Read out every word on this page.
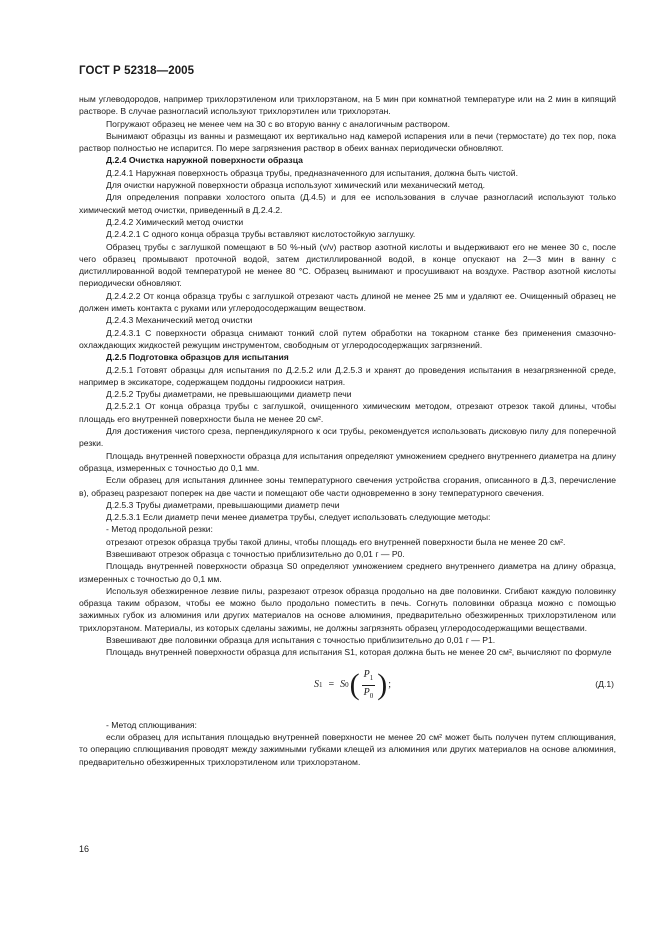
ГОСТ Р 52318—2005

ным углеводородов, например трихлорэтиленом или трихлорэтаном, на 5 мин при комнатной температуре или на 2 мин в кипящий растворе. В случае разногласий используют трихлорэтилен или трихлорэтан.

Погружают образец не менее чем на 30 с во вторую ванну с аналогичным раствором.

Вынимают образцы из ванны и размещают их вертикально над камерой испарения или в печи (термостате) до тех пор, пока раствор полностью не испарится. По мере загрязнения раствор в обеих ваннах периодически обновляют.

Д.2.4 Очистка наружной поверхности образца

Д.2.4.1 Наружная поверхность образца трубы, предназначенного для испытания, должна быть чистой.

Для очистки наружной поверхности образца используют химический или механический метод.

Для определения поправки холостого опыта (Д.4.5) и для ее использования в случае разногласий используют только химический метод очистки, приведенный в Д.2.4.2.

Д.2.4.2 Химический метод очистки

Д.2.4.2.1 С одного конца образца трубы вставляют кислотостойкую заглушку.

Образец трубы с заглушкой помещают в 50 %-ный (v/v) раствор азотной кислоты и выдерживают его не менее 30 с, после чего образец промывают проточной водой, затем дистиллированной водой, в конце опускают на 2—3 мин в ванну с дистиллированной водой температурой не менее 80 °С. Образец вынимают и просушивают на воздухе. Раствор азотной кислоты периодически обновляют.

Д.2.4.2.2 От конца образца трубы с заглушкой отрезают часть длиной не менее 25 мм и удаляют ее. Очищенный образец не должен иметь контакта с руками или углеродосодержащим веществом.

Д.2.4.3 Механический метод очистки

Д.2.4.3.1 С поверхности образца снимают тонкий слой путем обработки на токарном станке без применения смазочно-охлаждающих жидкостей режущим инструментом, свободным от углеродосодержащих загрязнений.

Д.2.5 Подготовка образцов для испытания

Д.2.5.1 Готовят образцы для испытания по Д.2.5.2 или Д.2.5.3 и хранят до проведения испытания в незагрязненной среде, например в эксикаторе, содержащем поддоны гидроокиси натрия.

Д.2.5.2 Трубы диаметрами, не превышающими диаметр печи

Д.2.5.2.1 От конца образца трубы с заглушкой, очищенного химическим методом, отрезают отрезок такой длины, чтобы площадь его внутренней поверхности была не менее 20 см².

Для достижения чистого среза, перпендикулярного к оси трубы, рекомендуется использовать дисковую пилу для поперечной резки.

Площадь внутренней поверхности образца для испытания определяют умножением среднего внутреннего диаметра на длину образца, измеренных с точностью до 0,1 мм.

Если образец для испытания длиннее зоны температурного свечения устройства сгорания, описанного в Д.3, перечисление в), образец разрезают поперек на две части и помещают обе части одновременно в зону температурного свечения.

Д.2.5.3 Трубы диаметрами, превышающими диаметр печи

Д.2.5.3.1 Если диаметр печи менее диаметра трубы, следует использовать следующие методы:

- Метод продольной резки:

отрезают отрезок образца трубы такой длины, чтобы площадь его внутренней поверхности была не менее 20 см².

Взвешивают отрезок образца с точностью приблизительно до 0,01 г — P0.

Площадь внутренней поверхности образца S0 определяют умножением среднего внутреннего диаметра на длину образца, измеренных с точностью до 0,1 мм.

Используя обезжиренное лезвие пилы, разрезают отрезок образца продольно на две половинки. Сгибают каждую половинку образца таким образом, чтобы ее можно было продольно поместить в печь. Согнуть половинки образца можно с помощью зажимных губок из алюминия или других материалов на основе алюминия, предварительно обезжиренных трихлорэтиленом или трихлорэтаном. Материалы, из которых сделаны зажимы, не должны загрязнять образец углеродосодержащими веществами.

Взвешивают две половинки образца для испытания с точностью приблизительно до 0,01 г — P1.

Площадь внутренней поверхности образца для испытания S1, которая должна быть не менее 20 см², вычисляют по формуле

S 1 = S 0 ( $\frac{P_1}{P_0}$ ) ;	(Д.1)

- Метод сплющивания:

если образец для испытания площадью внутренней поверхности не менее 20 см² может быть получен путем сплющивания, то операцию сплющивания проводят между зажимными губками клещей из алюминия или других материалов на основе алюминия, предварительно обезжиренных трихлорэтиленом или трихлорэтаном.

16
